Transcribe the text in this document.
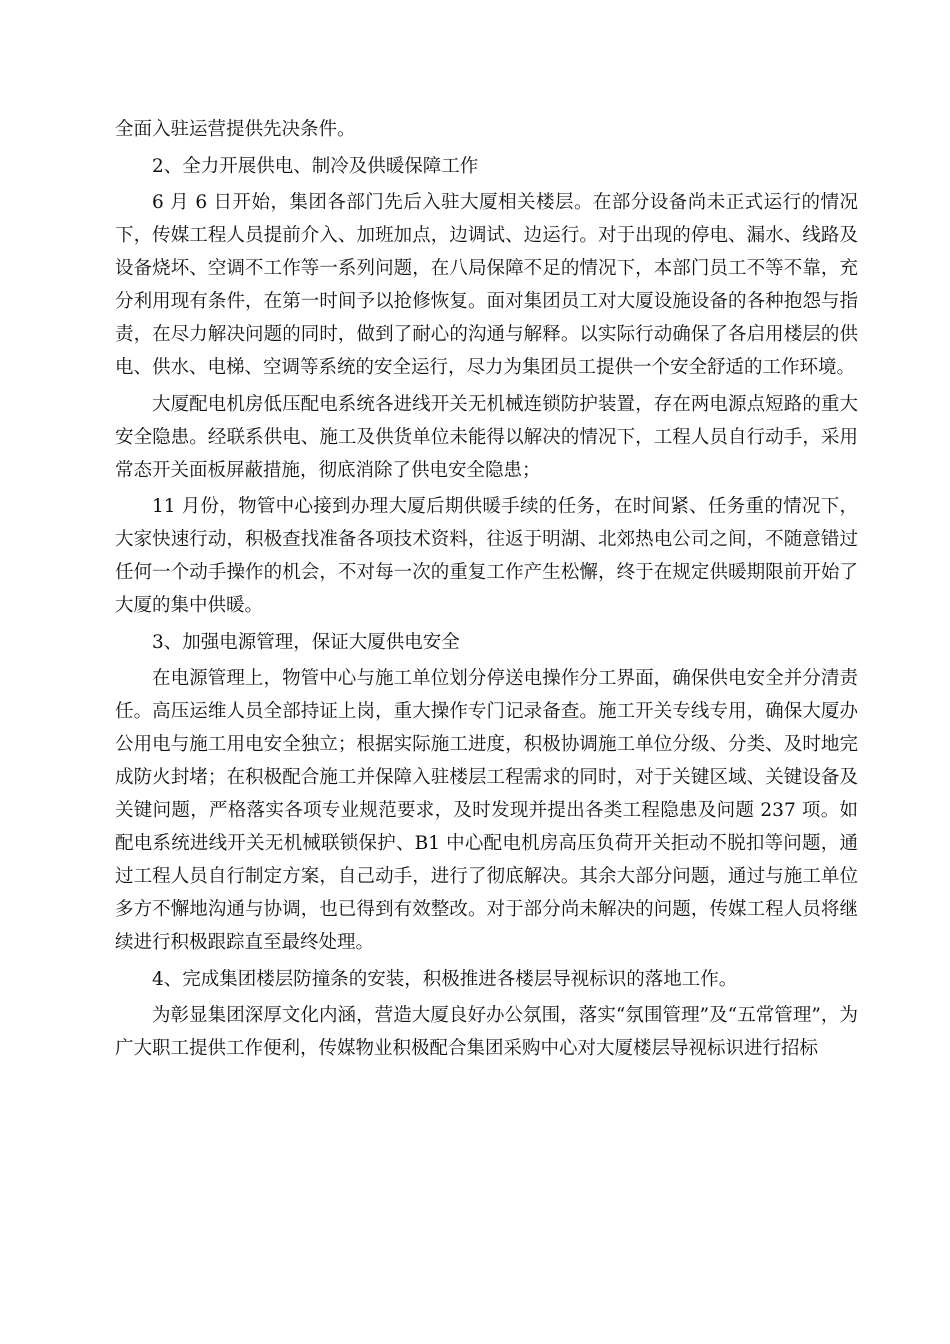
全面入驻运营提供先决条件。

2、全力开展供电、制冷及供暖保障工作

6 月 6 日开始，集团各部门先后入驻大厦相关楼层。在部分设备尚未正式运行的情况下，传媒工程人员提前介入、加班加点，边调试、边运行。对于出现的停电、漏水、线路及设备烧坏、空调不工作等一系列问题，在八局保障不足的情况下，本部门员工不等不靠，充分利用现有条件，在第一时间予以抢修恢复。面对集团员工对大厦设施设备的各种抱怨与指责，在尽力解决问题的同时，做到了耐心的沟通与解释。以实际行动确保了各启用楼层的供电、供水、电梯、空调等系统的安全运行，尽力为集团员工提供一个安全舒适的工作环境。

大厦配电机房低压配电系统各进线开关无机械连锁防护装置，存在两电源点短路的重大安全隐患。经联系供电、施工及供货单位未能得以解决的情况下，工程人员自行动手，采用常态开关面板屏蔽措施，彻底消除了供电安全隐患；

11 月份，物管中心接到办理大厦后期供暖手续的任务，在时间紧、任务重的情况下，大家快速行动，积极查找准备各项技术资料，往返于明湖、北郊热电公司之间，不随意错过任何一个动手操作的机会，不对每一次的重复工作产生松懈，终于在规定供暖期限前开始了大厦的集中供暖。

3、加强电源管理，保证大厦供电安全

在电源管理上，物管中心与施工单位划分停送电操作分工界面，确保供电安全并分清责任。高压运维人员全部持证上岗，重大操作专门记录备查。施工开关专线专用，确保大厦办公用电与施工用电安全独立；根据实际施工进度，积极协调施工单位分级、分类、及时地完成防火封堵；在积极配合施工并保障入驻楼层工程需求的同时，对于关键区域、关键设备及关键问题，严格落实各项专业规范要求，及时发现并提出各类工程隐患及问题 237 项。如配电系统进线开关无机械联锁保护、B1 中心配电机房高压负荷开关拒动不脱扣等问题，通过工程人员自行制定方案，自己动手，进行了彻底解决。其余大部分问题，通过与施工单位多方不懈地沟通与协调，也已得到有效整改。对于部分尚未解决的问题，传媒工程人员将继续进行积极跟踪直至最终处理。

4、完成集团楼层防撞条的安装，积极推进各楼层导视标识的落地工作。

为彰显集团深厚文化内涵，营造大厦良好办公氛围，落实“氛围管理”及“五常管理”，为广大职工提供工作便利，传媒物业积极配合集团采购中心对大厦楼层导视标识进行招标
